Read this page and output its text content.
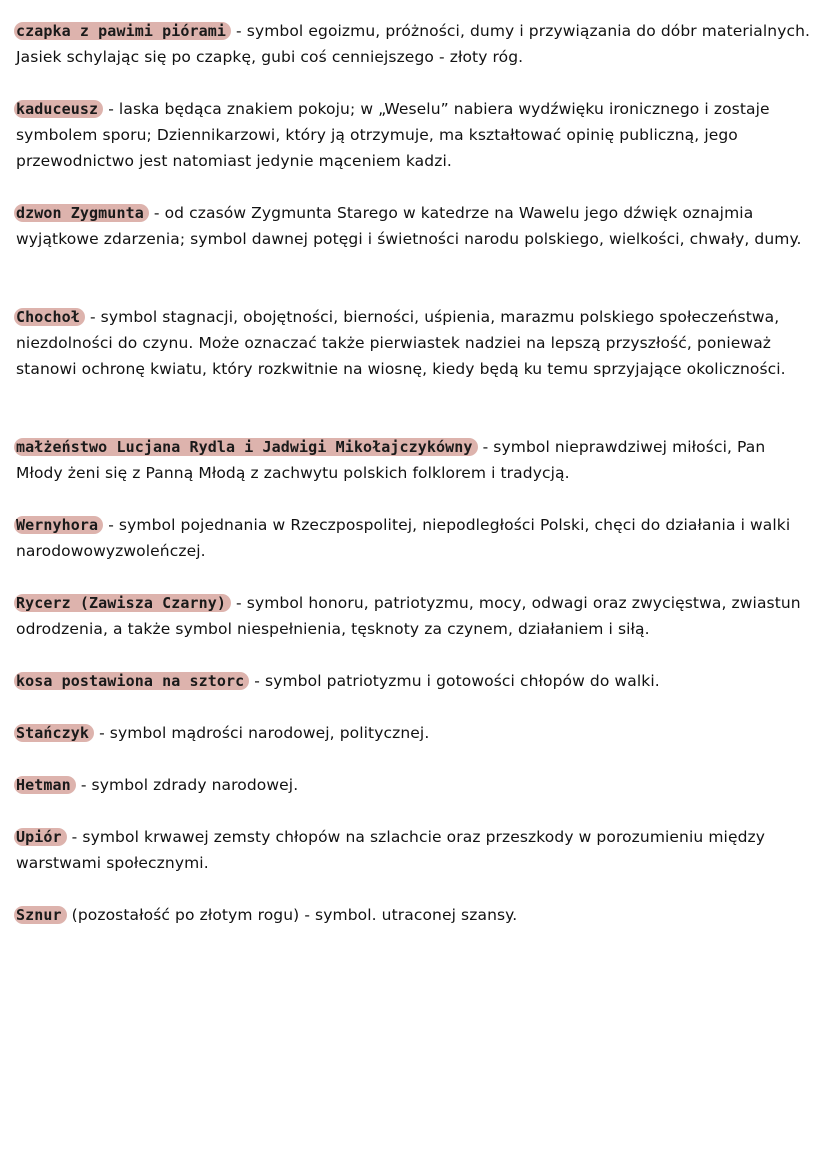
czapka z pawimi piórami - symbol egoizmu, próżności, dumy i przywiązania do dóbr materialnych. Jasiek schylając się po czapkę, gubi coś cenniejszego - złoty róg.

kaduceusz - laska będąca znakiem pokoju; w „Weselu” nabiera wydźwięku ironicznego i zostaje symbolem sporu; Dziennikarzowi, który ją otrzymuje, ma kształtować opinię publiczną, jego przewodnictwo jest natomiast jedynie mąceniem kadzi.

dzwon Zygmunta - od czasów Zygmunta Starego w katedrze na Wawelu jego dźwięk oznajmia wyjątkowe zdarzenia; symbol dawnej potęgi i świetności narodu polskiego, wielkości, chwały, dumy.

Chochoł - symbol stagnacji, obojętności, bierności, uśpienia, marazmu polskiego społeczeństwa, niezdolności do czynu. Może oznaczać także pierwiastek nadziei na lepszą przyszłość, ponieważ stanowi ochronę kwiatu, który rozkwitnie na wiosnę, kiedy będą ku temu sprzyjające okoliczności.

małżeństwo Lucjana Rydla i Jadwigi Mikołajczykówny - symbol nieprawdziwej miłości, Pan Młody żeni się z Panną Młodą z zachwytu polskich folklorem i tradycją.

Wernyhora - symbol pojednania w Rzeczpospolitej, niepodległości Polski, chęci do działania i walki narodowowyzwoleńczej.

Rycerz (Zawisza Czarny) - symbol honoru, patriotyzmu, mocy, odwagi oraz zwycięstwa, zwiastun odrodzenia, a także symbol niespełnienia, tęsknoty za czynem, działaniem i siłą.

kosa postawiona na sztorc - symbol patriotyzmu i gotowości chłopów do walki.

Stańczyk - symbol mądrości narodowej, politycznej.

Hetman - symbol zdrady narodowej.

Upiór - symbol krwawej zemsty chłopów na szlachcie oraz przeszkody w porozumieniu między warstwami społecznymi.

Sznur (pozostałość po złotym rogu) - symbol. utraconej szansy.
